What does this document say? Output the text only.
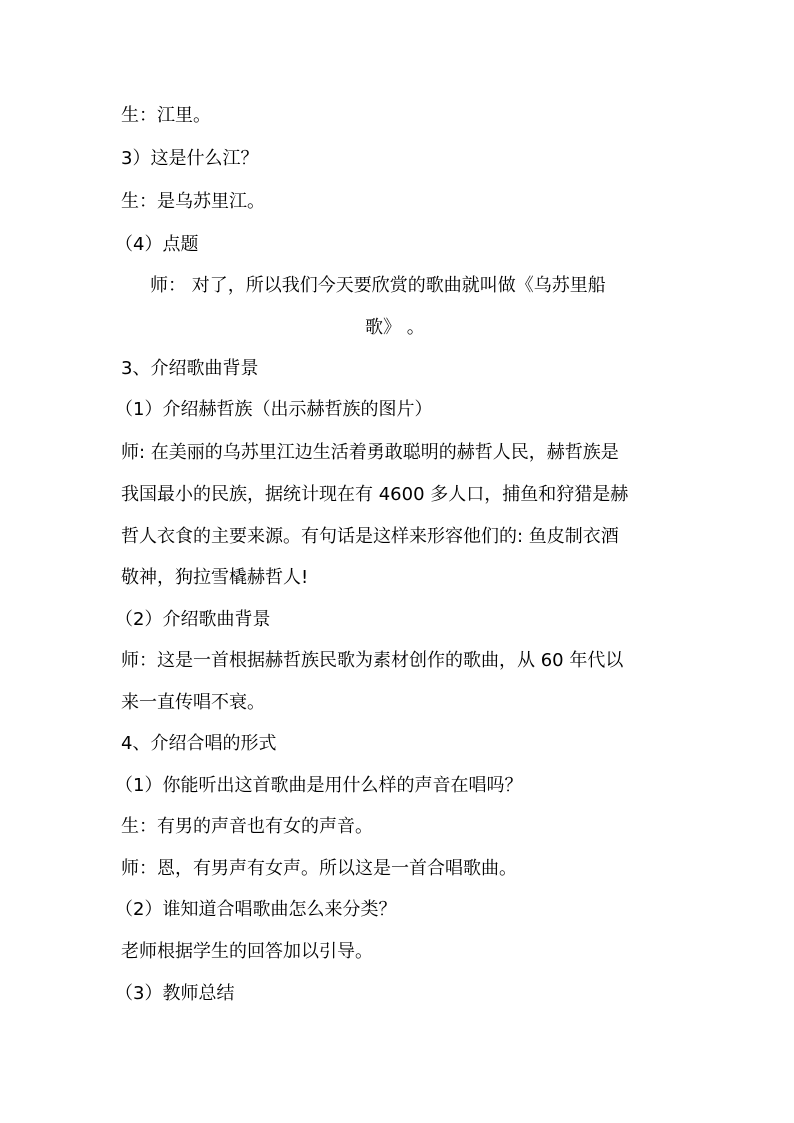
生：江里。
3）这是什么江？
生：是乌苏里江。
（4）点题
师： 对了，所以我们今天要欣赏的歌曲就叫做《乌苏里船
歌》 。
3、介绍歌曲背景
（1）介绍赫哲族（出示赫哲族的图片）
师: 在美丽的乌苏里江边生活着勇敢聪明的赫哲人民，赫哲族是
我国最小的民族，据统计现在有 4600 多人口，捕鱼和狩猎是赫
哲人衣食的主要来源。有句话是这样来形容他们的: 鱼皮制衣酒
敬神，狗拉雪橇赫哲人!
（2）介绍歌曲背景
师：这是一首根据赫哲族民歌为素材创作的歌曲，从 60 年代以
来一直传唱不衰。
4、介绍合唱的形式
（1）你能听出这首歌曲是用什么样的声音在唱吗？
生：有男的声音也有女的声音。
师：恩，有男声有女声。所以这是一首合唱歌曲。
（2）谁知道合唱歌曲怎么来分类？
老师根据学生的回答加以引导。
（3）教师总结
